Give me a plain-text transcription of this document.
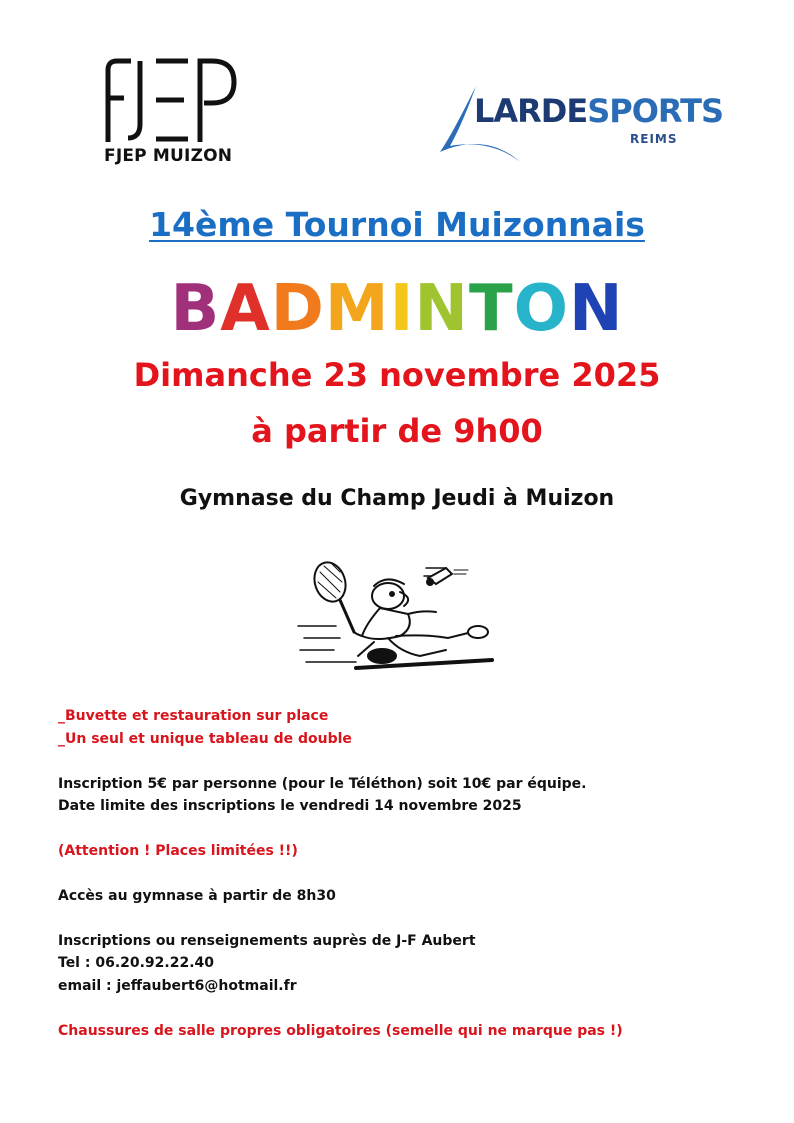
FJEP MUIZON
LARDESPORTS
REIMS
14ème Tournoi Muizonnais
BADMINTON
Dimanche 23 novembre 2025
à partir de 9h00
Gymnase du Champ Jeudi à Muizon
_Buvette et restauration sur place
_Un seul et unique tableau de double
Inscription 5€ par personne (pour le Téléthon) soit 10€ par équipe.
Date limite des inscriptions le vendredi 14 novembre 2025
(Attention ! Places limitées !!)
Accès au gymnase à partir de 8h30
Inscriptions ou renseignements auprès de J-F Aubert
Tel : 06.20.92.22.40
email : jeffaubert6@hotmail.fr
Chaussures de salle propres obligatoires (semelle qui ne marque pas !)
